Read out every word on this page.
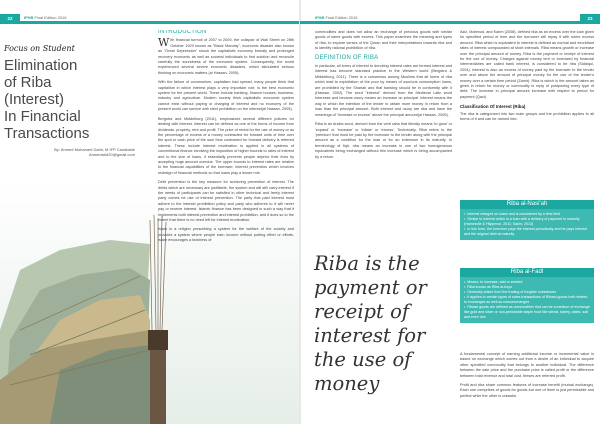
22	IFHB Final Edition 2016
Focus on Student
Elimination
of Riba
(Interest)
In Financial
Transactions
By: Ahmed Mohamed Dahir, M IFP Candidate
Ahmedahd20@gmail.com
INTRODUCTION

With financial turmoil of 2007 to 2009, the collapse of Wall Street on 28th October 1929 known as "Black Monday", economic disaster also known as "Great Depression" shook the capitalistic economy brutally and prolonged recovery economic as well as societal individuals to find solution and reconcile carefully the soundness of the economic system. Consequently, the world experienced several severe economic disasters, which stimulated serious thinking on economic matters (al Hassan, 2005).

With the failure of communism, capitalism had spread, many people think that capitalism in which interest plays a very important role, is the best economic system for the present world. These include banking, finance houses, business, industry and agriculture. Modern society think capitalistic economic system cannot exist without paying or charging of interest and no economy of the present world can survive with strict prohibition on the interest(al Hassan, 2005).

Bergstra and Middelburg (2011), emphasized several different policies for dealing with interest. Interest can be defined as one of the forms of income from dividends, property, rent and profit. The price of rental for the use of money or as the percentage of excess of a money contracted for forward units of time over the spot or cash price of the sum thus contracted for forward delivery is referred interest. These include interest moderation is applied in all systems of conventional finance involving the imposition of higher bounds to rates of interest and to the size of loans, it essentially prevents people deprive their lives by accepting huge amount overdue. The upper bounds to interest rates are relative to the financial capabilities of the borrower, interest prevention which involves redesign of financial methods so that loans play a lesser role.

Debt prevention is the key measure for achieving prevention of interest. The debts which are necessary are justifiable, the system and will still carry interest if the needs of participants can be satisfied in other technical and freely interest party comes be use of interest prevention. The party that paid interest must adhere to the interest prohibition policy and party who adheres to it will never pay or receive interest. Islamic finance has been designed in such a way that it implements both interest prevention and interest prohibition, and it does so to the extent that there is no need left for interest moderation.

Islam is a religion prescribing a system for the welfare of the society and provides a system where people earn income without putting effort or efforts. Islam encourages a business of

IFHB Final Edition 2016	23

commodities and does not allow an exchange of precious goods with similar goods of same goods with excess. This paper examines the meaning and types of riba, to explore verses of the Quran and their interpretations towards riba and to identify rational prohibition of riba.

DEFINITION OF RIBA

In particular, all forms of interest to denoting interest rates are termed interest and interest has become standard practice in the Western world (Bergstra & Middelburg, 2011). There is a consensus among Muslims that all forms of riba which lead to exploitation of the poor by means of usurious consumption loans, are prohibited by the Shariah and that banking should be in conformity with it (Hassan, 2002). The word "interest" derived from the Medieval Latin word Interesse and became usury means an increase on principal. Interest means the way in which the intention of the lender to obtain more money in return from a loan than the principal amount. Both interest and usury are riba and have the meanings of "increase or excess" above the principal amount(al Hassan, 2005).

Riba is an Arabic word, derived from the verb raba that literally means 'to grow' or 'expand' or 'increase' or 'inflate' or 'excess'. Technically, Riba refers to the 'premium' that must be paid by the borrower to the lender along with the principal amount as a condition for the loan or for an extension in its maturity. In terminology of fiqh, riba means an increase in one of two homogeneous equivalents being exchanged without this increase which is being accompanied by a return.

Riba is the payment or receipt of interest for the use of money

Aziz, Mahmud, and Karim (2008), defined riba as an excess over the loan given for specified period of time and the borrower will repay it with some excess amount. Riba which is equivalent to interest is defined as normal and exorbitant rates of interest compounded at short intervals. Riba means growth or increase over the principal amount of money. Riba is the payment or receipt of interest for the use of money. Charges against money lent or borrowed by financial intermediaries are called bank interest, is considered to be riba (Siddiqui, 2004). Interest is also an excess of money paid by the borrower to the lender over and above the amount of principal money for the use of the lender's money over a certain time period (Zamir). Riba is which is the amount taken as given in return for money or commodity in reply of postponing every type of debt. The increase in principal amount increase with respect to period for payment (Qazi).

Classification Of Interest (Riba)

The riba is categorized into two main groups and the prohibition applies to all forms of it and can be named into:

Riba al-Nasi'ah
• Interest charged on loans and is considered by a time limit
• Similar to interest which is a loan with a delivery of payment in maturity (Hameedie & Hiippersn, 2011; Sakhr, 2013)
• In this form, the borrower pays the interest periodically and he pays interest and the original debt at maturity
Riba al-Fadl
• Means: to increase, add or exceed
• Riba known as Riba al-buyu
• Generally arises from the trading of fungible substances
• It applies to certain types of sales transactions of Ribawi goods both related to exchanges as well as crossexchanges
• Ribawi goods are defined as commodities that can be a medium of exchange like gold and silver or non-perishable staple food like wheat, barley, dates, salt and even rice

A fundamental concept of earning additional income or incremental value is based on exchange which comes out from a desire of an individual to acquire other specified commodity that belongs to another individual. The difference between the sale price and the purchase price is called profit or the difference between total revenue and total cost, theses are referred profit.

Profit and riba share common features of increase benefit (mutual exchange). Each one comprises of goods for goods but one of them is just permissible and perfect while the other is unlawful.
